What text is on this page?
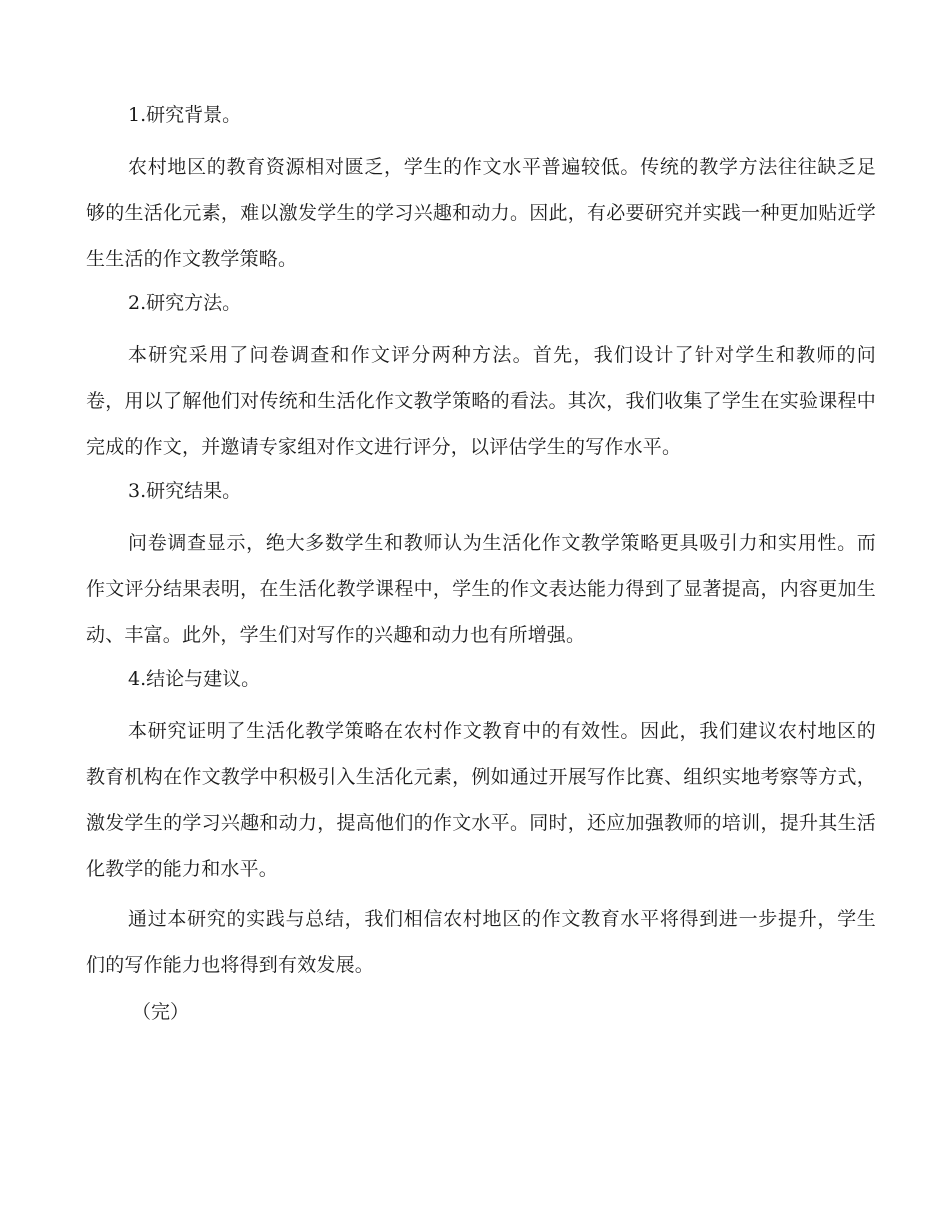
1.研究背景。

农村地区的教育资源相对匮乏，学生的作文水平普遍较低。传统的教学方法往往缺乏足够的生活化元素，难以激发学生的学习兴趣和动力。因此，有必要研究并实践一种更加贴近学生生活的作文教学策略。

2.研究方法。

本研究采用了问卷调查和作文评分两种方法。首先，我们设计了针对学生和教师的问卷，用以了解他们对传统和生活化作文教学策略的看法。其次，我们收集了学生在实验课程中完成的作文，并邀请专家组对作文进行评分，以评估学生的写作水平。

3.研究结果。

问卷调查显示，绝大多数学生和教师认为生活化作文教学策略更具吸引力和实用性。而作文评分结果表明，在生活化教学课程中，学生的作文表达能力得到了显著提高，内容更加生动、丰富。此外，学生们对写作的兴趣和动力也有所增强。

4.结论与建议。

本研究证明了生活化教学策略在农村作文教育中的有效性。因此，我们建议农村地区的教育机构在作文教学中积极引入生活化元素，例如通过开展写作比赛、组织实地考察等方式，激发学生的学习兴趣和动力，提高他们的作文水平。同时，还应加强教师的培训，提升其生活化教学的能力和水平。

通过本研究的实践与总结，我们相信农村地区的作文教育水平将得到进一步提升，学生们的写作能力也将得到有效发展。

（完）
